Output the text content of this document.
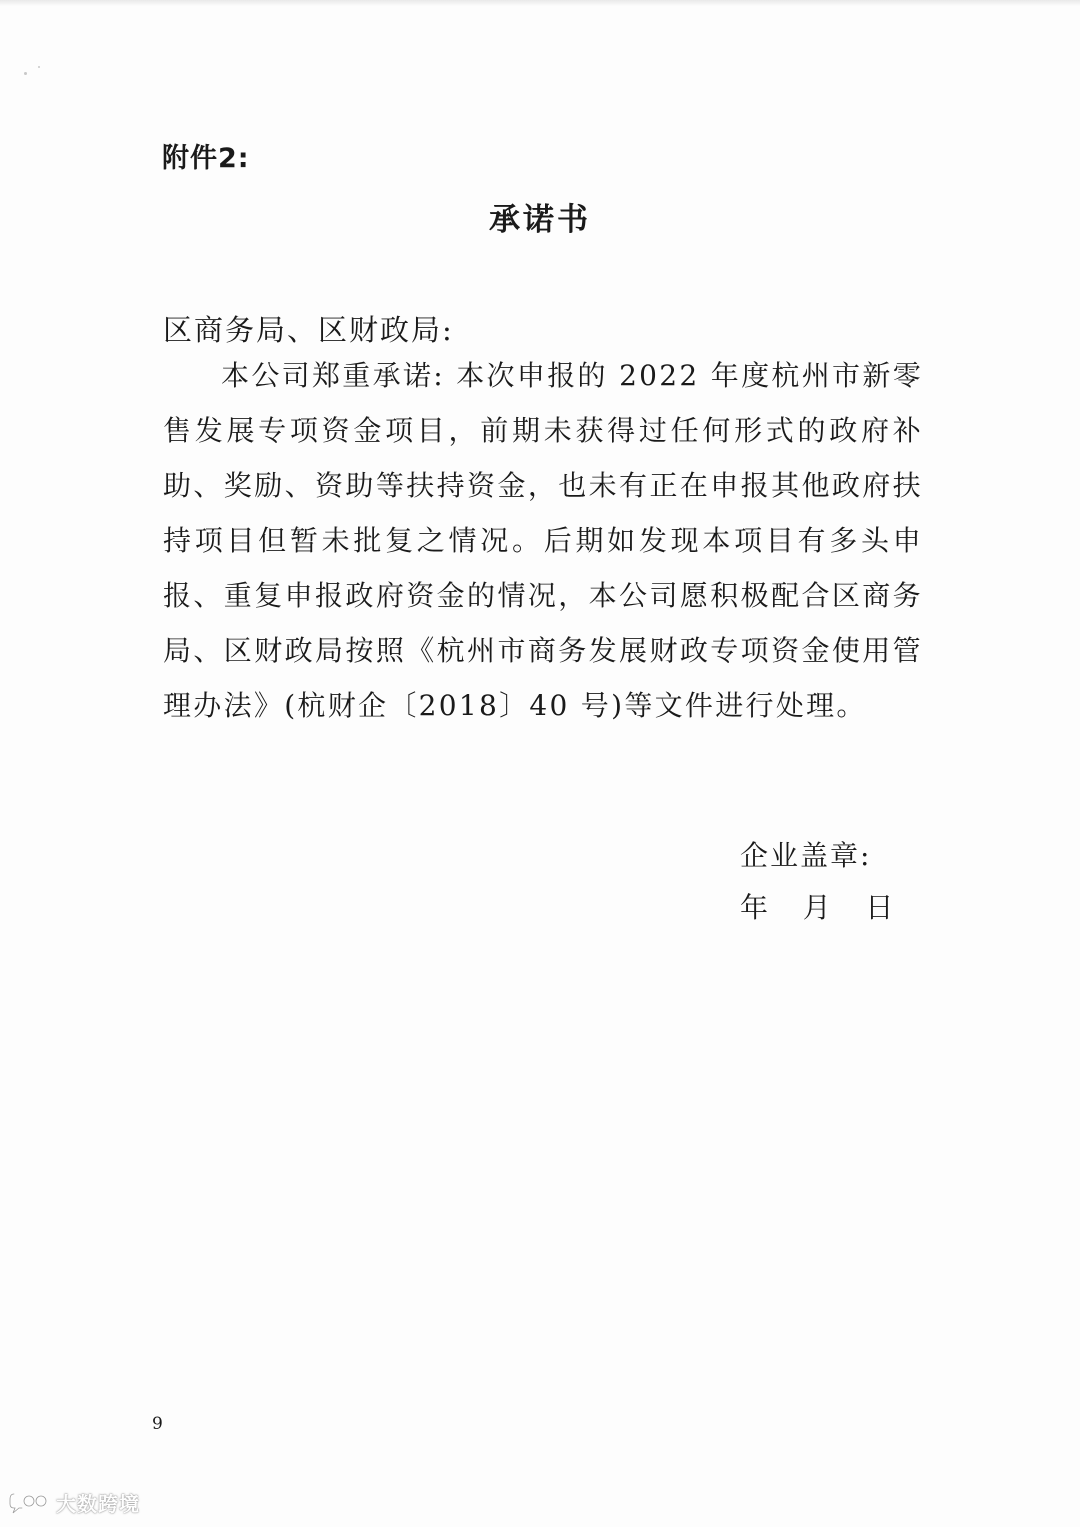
附件2:
承诺书
区商务局、区财政局:
本公司郑重承诺: 本次申报的 2022 年度杭州市新零售发展专项资金项目，前期未获得过任何形式的政府补助、奖励、资助等扶持资金，也未有正在申报其他政府扶持项目但暂未批复之情况。后期如发现本项目有多头申报、重复申报政府资金的情况，本公司愿积极配合区商务局、区财政局按照《杭州市商务发展财政专项资金使用管理办法》(杭财企〔2018〕40 号)等文件进行处理。
企业盖章:
年   月   日
9
大数跨境
